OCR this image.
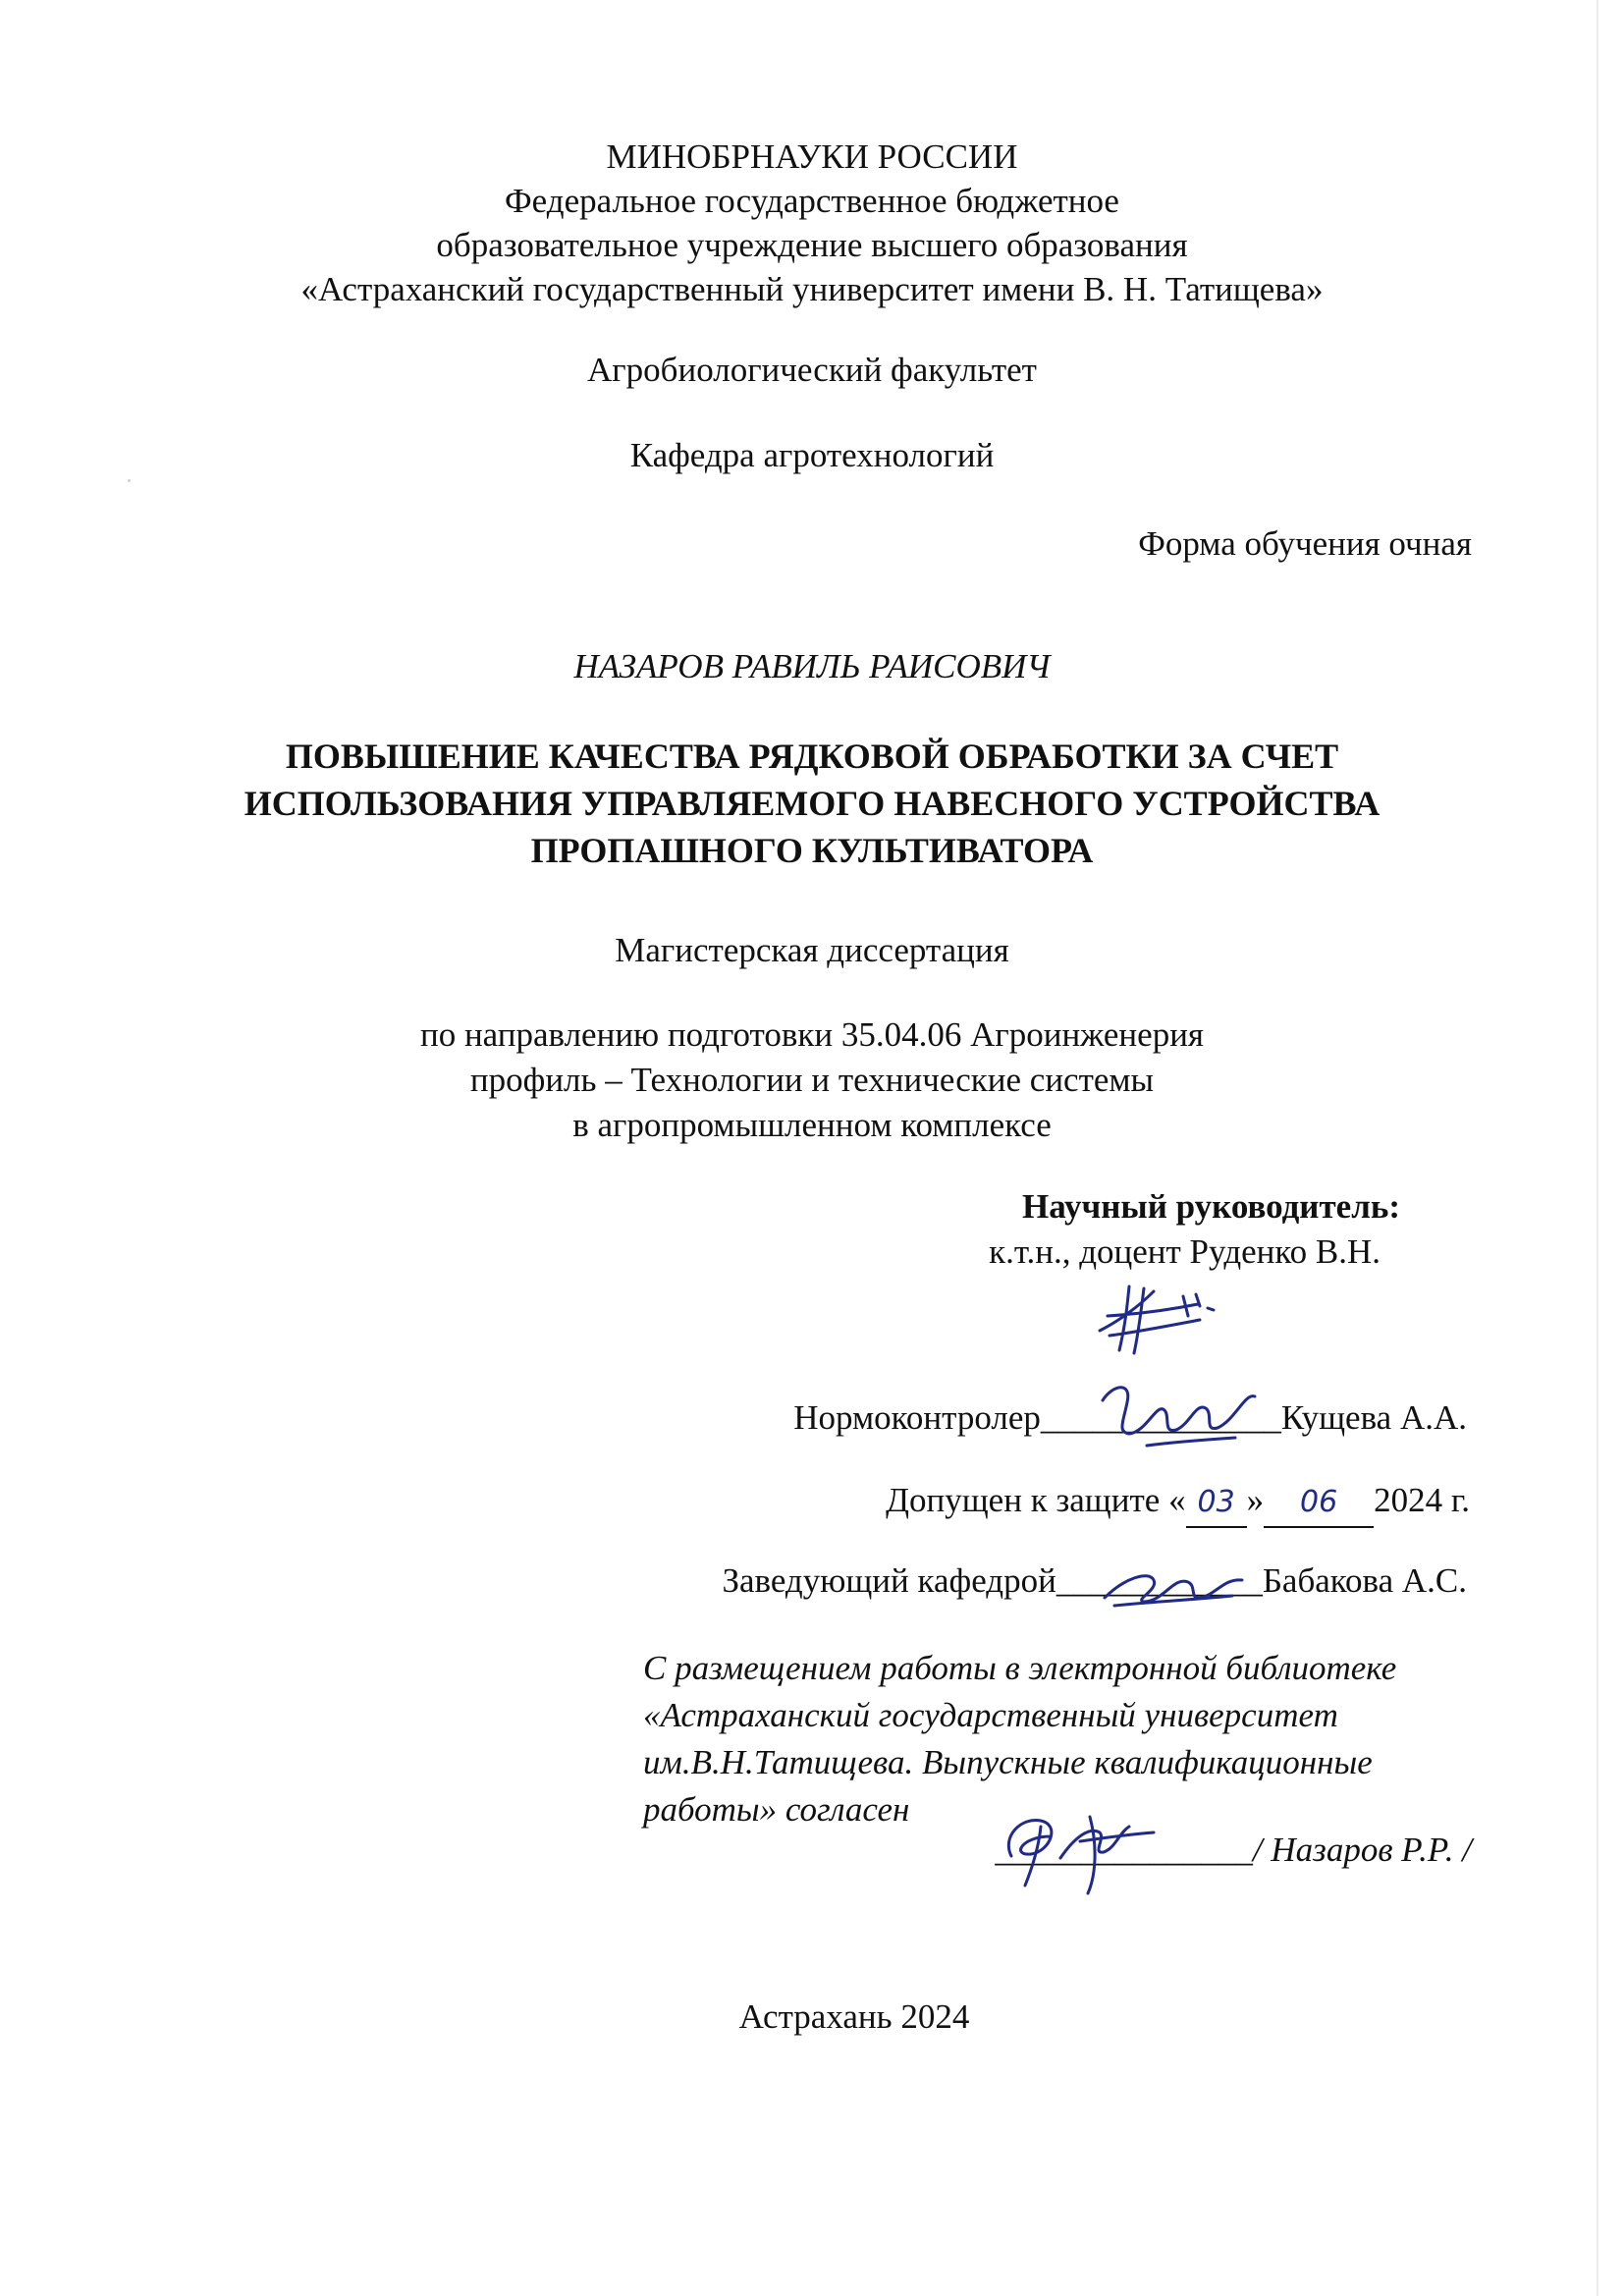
МИНОБРНАУКИ РОССИИ
Федеральное государственное бюджетное
образовательное учреждение высшего образования
«Астраханский государственный университет имени В. Н. Татищева»
Агробиологический факультет
Кафедра агротехнологий
Форма обучения очная
НАЗАРОВ РАВИЛЬ РАИСОВИЧ
ПОВЫШЕНИЕ КАЧЕСТВА РЯДКОВОЙ ОБРАБОТКИ ЗА СЧЕТ
ИСПОЛЬЗОВАНИЯ УПРАВЛЯЕМОГО НАВЕСНОГО УСТРОЙСТВА
ПРОПАШНОГО КУЛЬТИВАТОРА
Магистерская диссертация
по направлению подготовки 35.04.06 Агроинженерия
профиль – Технологии и технические системы
в агропромышленном комплексе
Научный руководитель:
к.т.н., доцент Руденко В.Н.
Нормоконтролер______________Кущева А.А.
Допущен к защите « 03 » 06 2024 г.
Заведующий кафедрой____________Бабакова А.С.
С размещением работы в электронной библиотеке
«Астраханский государственный университет
им.В.Н.Татищева. Выпускные квалификационные
работы» согласен
_______________/ Назаров Р.Р. /
Астрахань 2024
